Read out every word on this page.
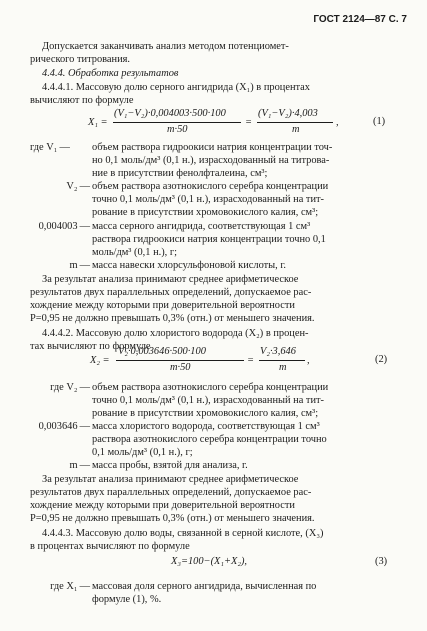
ГОСТ 2124—87 С. 7
Допускается заканчивать анализ методом потенциомет-
рического титрования.
4.4.4. Обработка результатов
4.4.4.1. Массовую долю серного ангидрида (X₁) в процентах
вычисляют по формуле
X₁ =
(V₁−V₂)·0,004003·500·100
m·50
=
(V₁−V₂)·4,003
m
,	(1)
где V₁ — объем раствора гидроокиси натрия концентрации точ-
но 0,1 моль/дм³ (0,1 н.), израсходованный на титрова-
ние в присутствии фенолфталеина, см³;
V₂ — объем раствора азотнокислого серебра концентрации
точно 0,1 моль/дм³ (0,1 н.), израсходованный на тит-
рование в присутствии хромовокислого калия, см³;
0,004003 — масса серного ангидрида, соответствующая 1 см³
раствора гидроокиси натрия концентрации точно 0,1
моль/дм³ (0,1 н.), г;
m — масса навески хлорсульфоновой кислоты, г.
За результат анализа принимают среднее арифметическое
результатов двух параллельных определений, допускаемое рас-
хождение между которыми при доверительной вероятности
P=0,95 не должно превышать 0,3% (отн.) от меньшего значения.
4.4.4.2. Массовую долю хлористого водорода (X₂) в процен-
тах вычисляют по формуле
X₂ =
V₂·0,003646·500·100
m·50
=
V₂·3,646
m
,	(2)
где V₂ — объем раствора азотнокислого серебра концентрации
точно 0,1 моль/дм³ (0,1 н.), израсходованный на тит-
рование в присутствии хромовокислого калия, см³;
0,003646 — масса хлористого водорода, соответствующая 1 см³
раствора азотнокислого серебра концентрации точно
0,1 моль/дм³ (0,1 н.), г;
m — масса пробы, взятой для анализа, г.
За результат анализа принимают среднее арифметическое
результатов двух параллельных определений, допускаемое рас-
хождение между которыми при доверительной вероятности
P=0,95 не должно превышать 0,3% (отн.) от меньшего значения.
4.4.4.3. Массовую долю воды, связанной в серной кислоте, (X₃)
в процентах вычисляют по формуле
X₃=100−(X₁+X₂),	(3)
где X₁ — массовая доля серного ангидрида, вычисленная по
формуле (1), %.
